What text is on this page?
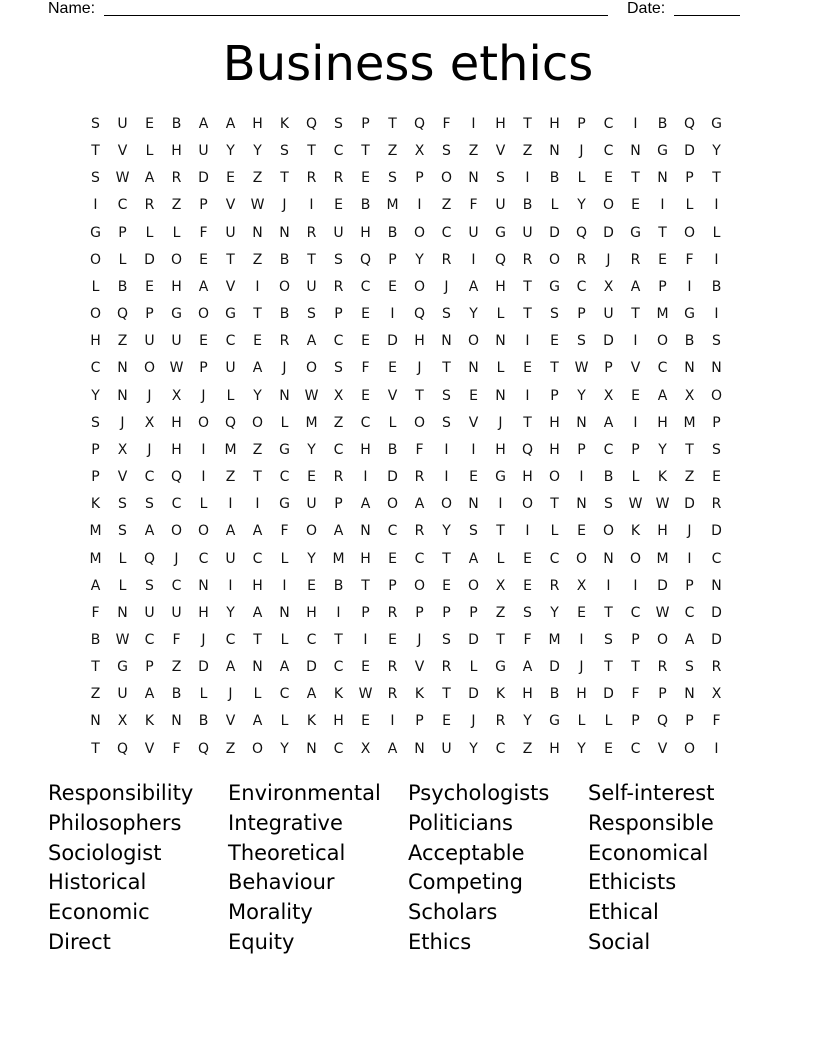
Name:	Date:
Business ethics
S	U	E	B	A	A	H	K	Q	S	P	T	Q	F	I	H	T	H	P	C	I	B	Q	G
T	V	L	H	U	Y	Y	S	T	C	T	Z	X	S	Z	V	Z	N	J	C	N	G	D	Y
S	W	A	R	D	E	Z	T	R	R	E	S	P	O	N	S	I	B	L	E	T	N	P	T
I	C	R	Z	P	V	W	J	I	E	B	M	I	Z	F	U	B	L	Y	O	E	I	L	I
G	P	L	L	F	U	N	N	R	U	H	B	O	C	U	G	U	D	Q	D	G	T	O	L
O	L	D	O	E	T	Z	B	T	S	Q	P	Y	R	I	Q	R	O	R	J	R	E	F	I
L	B	E	H	A	V	I	O	U	R	C	E	O	J	A	H	T	G	C	X	A	P	I	B
O	Q	P	G	O	G	T	B	S	P	E	I	Q	S	Y	L	T	S	P	U	T	M	G	I
H	Z	U	U	E	C	E	R	A	C	E	D	H	N	O	N	I	E	S	D	I	O	B	S
C	N	O	W	P	U	A	J	O	S	F	E	J	T	N	L	E	T	W	P	V	C	N	N
Y	N	J	X	J	L	Y	N	W	X	E	V	T	S	E	N	I	P	Y	X	E	A	X	O
S	J	X	H	O	Q	O	L	M	Z	C	L	O	S	V	J	T	H	N	A	I	H	M	P
P	X	J	H	I	M	Z	G	Y	C	H	B	F	I	I	H	Q	H	P	C	P	Y	T	S
P	V	C	Q	I	Z	T	C	E	R	I	D	R	I	E	G	H	O	I	B	L	K	Z	E
K	S	S	C	L	I	I	G	U	P	A	O	A	O	N	I	O	T	N	S	W W	D	R
M	S	A	O	O	A	A	F	O	A	N	C	R	Y	S	T	I	L	E	O	K	H	J	D
M	L	Q	J	C	U	C	L	Y	M	H	E	C	T	A	L	E	C	O	N	O	M	I	C
A	L	S	C	N	I	H	I	E	B	T	P	O	E	O	X	E	R	X	I	I	D	P	N
F	N	U	U	H	Y	A	N	H	I	P	R	P	P	P	Z	S	Y	E	T	C	W	C	D
B	W	C	F	J	C	T	L	C	T	I	E	J	S	D	T	F	M	I	S	P	O	A	D
T	G	P	Z	D	A	N	A	D	C	E	R	V	R	L	G	A	D	J	T	T	R	S	R
Z	U	A	B	L	J	L	C	A	K	W	R	K	T	D	K	H	B	H	D	F	P	N	X
N	X	K	N	B	V	A	L	K	H	E	I	P	E	J	R	Y	G	L	L	P	Q	P	F
T	Q	V	F	Q	Z	O	Y	N	C	X	A	N	U	Y	C	Z	H	Y	E	C	V	O	I
Responsibility	Environmental	Psychologists	Self-interest
Philosophers	Integrative	Politicians	Responsible
Sociologist	Theoretical	Acceptable	Economical
Historical	Behaviour	Competing	Ethicists
Economic	Morality	Scholars	Ethical
Direct	Equity	Ethics	Social
